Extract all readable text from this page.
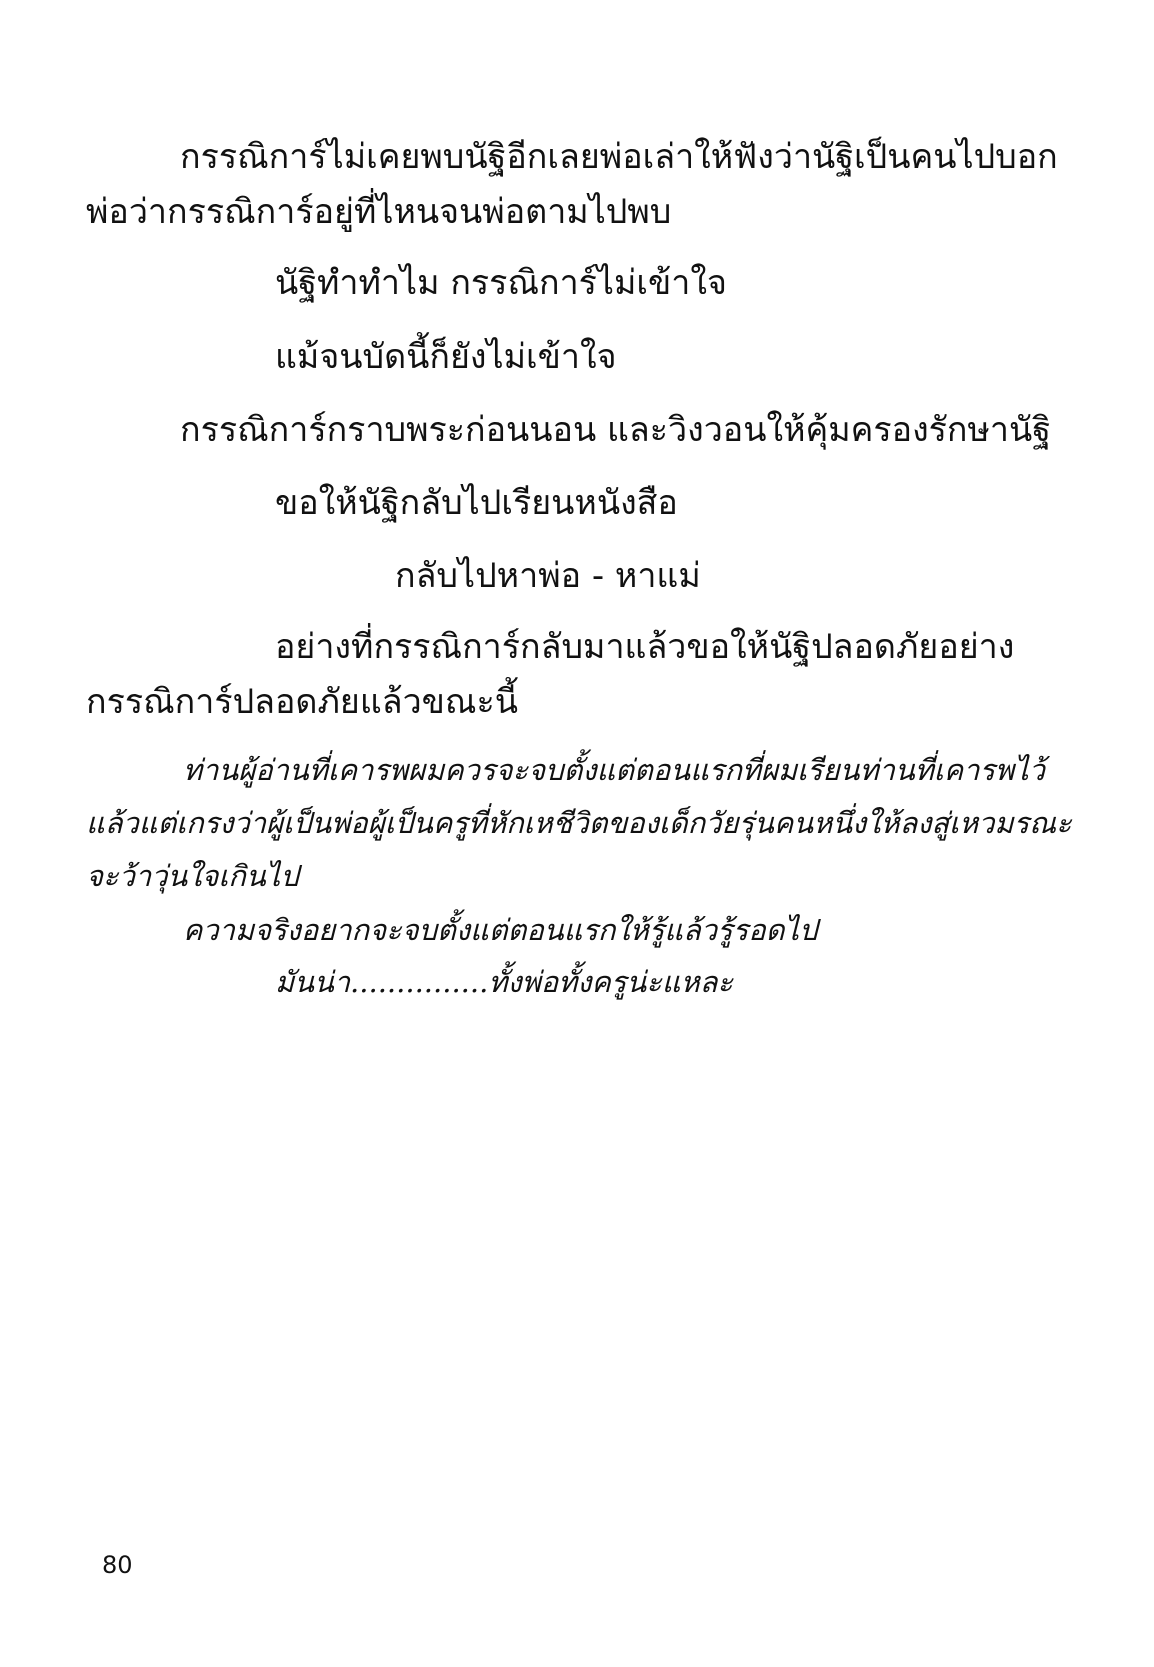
กรรณิการ์ไม่เคยพบนัฐิอีกเลย พ่อเล่าให้ฟังว่านัฐิเป็นคนไปบอก
พ่อว่ากรรณิการ์อยู่ที่ไหนจนพ่อตามไปพบ
นัฐิทำทำไม กรรณิการ์ไม่เข้าใจ
แม้จนบัดนี้ก็ยังไม่เข้าใจ
กรรณิการ์กราบพระก่อนนอน และวิงวอนให้คุ้มครองรักษานัฐิ
ขอให้นัฐิกลับไปเรียนหนังสือ
กลับไปหาพ่อ - หาแม่
อย่างที่กรรณิการ์กลับมาแล้ว ขอให้นัฐิปลอดภัยอย่าง
กรรณิการ์ปลอดภัยแล้วขณะนี้
ท่านผู้อ่านที่เคารพ ผมควรจะจบ ตั้งแต่ตอนแรกที่ผมเรียนท่านที่เคารพไว้
แล้ว แต่เกรงว่าผู้เป็นพ่อ ผู้เป็นครูที่หักเหชีวิตของเด็กวัยรุ่นคนหนึ่งให้ลงสู่เหวมรณะ
จะว้าวุ่นใจเกินไป
ความจริงอยากจะจบตั้งแต่ตอนแรกให้รู้แล้วรู้รอดไป
มันน่า...............ทั้งพ่อทั้งครูน่ะแหละ
80
